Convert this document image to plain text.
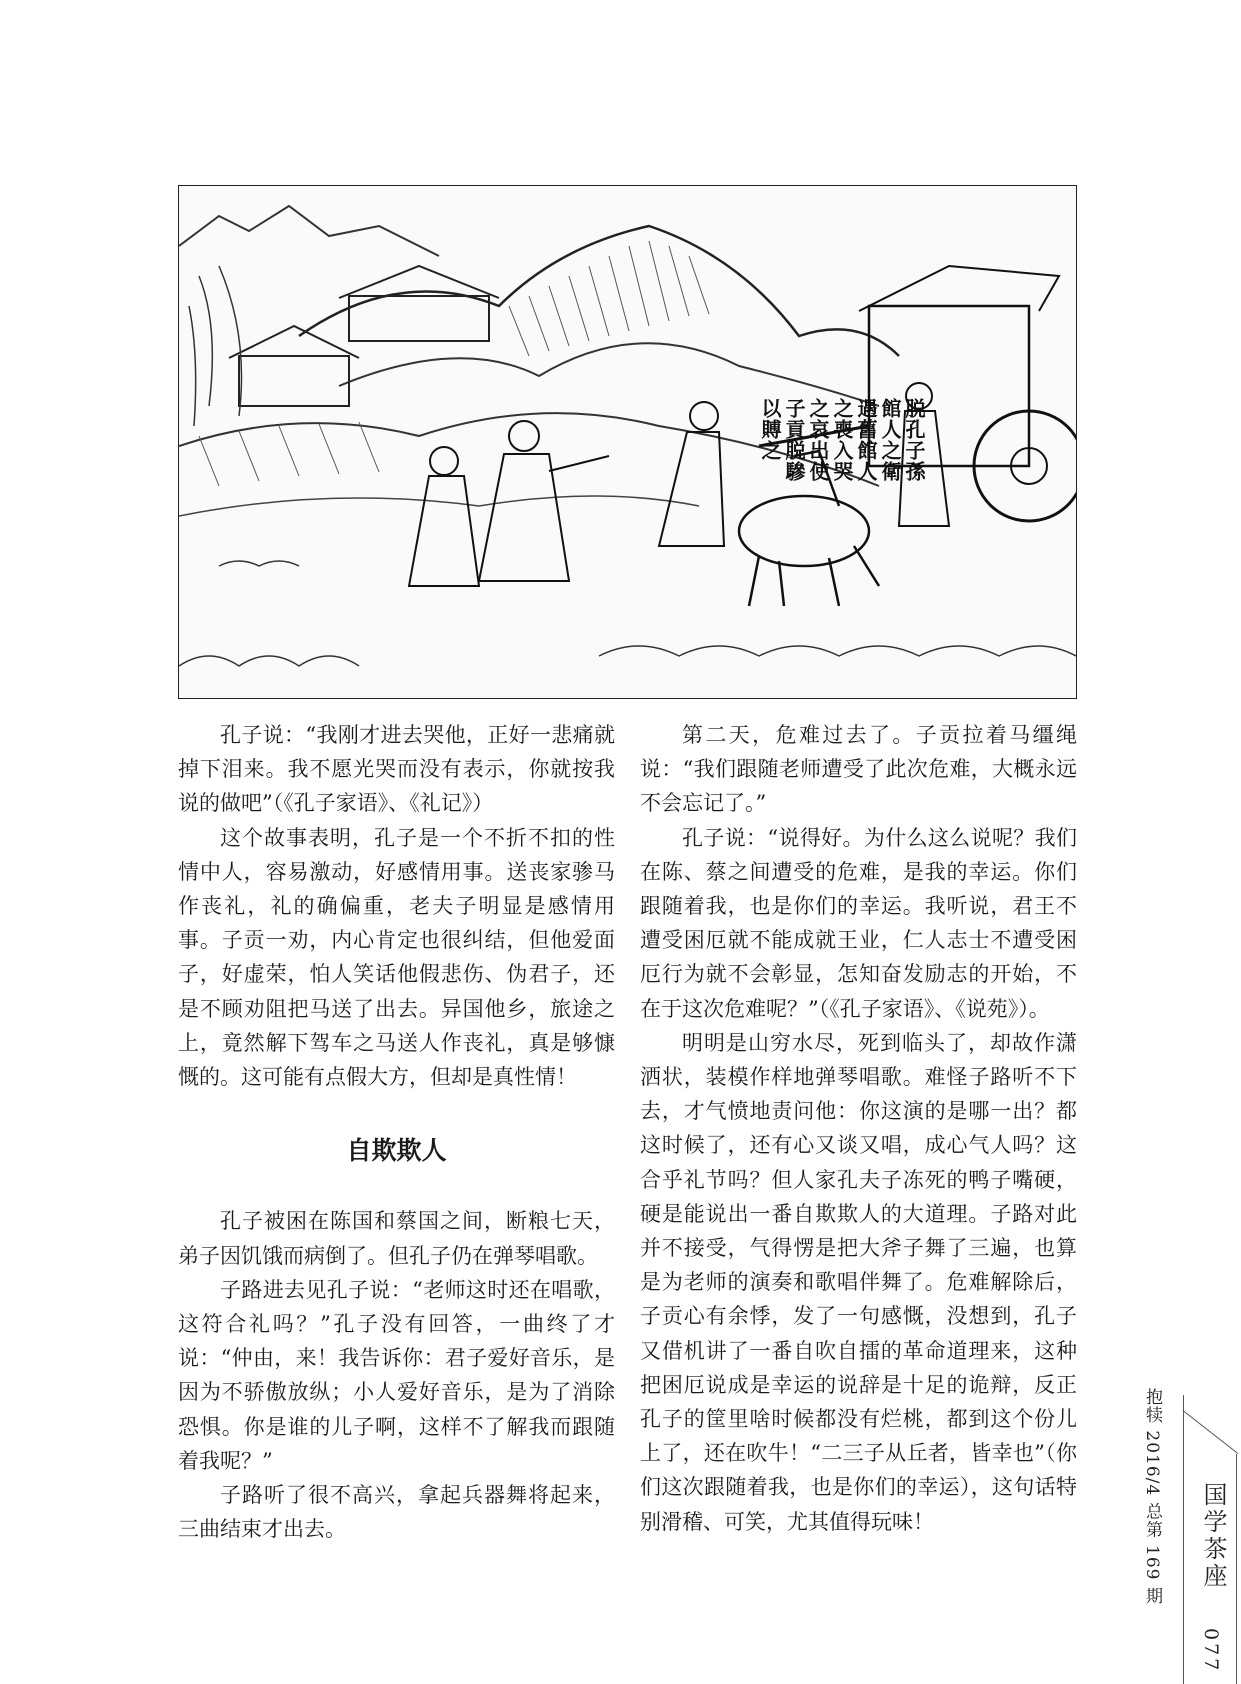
脱孔子孫館人之衛遇舊館人之喪入哭之哀出使子貢脱驂以賻之

孔子说：“我刚才进去哭他，正好一悲痛就掉下泪来。我不愿光哭而没有表示，你就按我说的做吧”（《孔子家语》、《礼记》）

这个故事表明，孔子是一个不折不扣的性情中人，容易激动，好感情用事。送丧家骖马作丧礼，礼的确偏重，老夫子明显是感情用事。子贡一劝，内心肯定也很纠结，但他爱面子，好虚荣，怕人笑话他假悲伤、伪君子，还是不顾劝阻把马送了出去。异国他乡，旅途之上，竟然解下驾车之马送人作丧礼，真是够慷慨的。这可能有点假大方，但却是真性情！

自欺欺人

孔子被困在陈国和蔡国之间，断粮七天，弟子因饥饿而病倒了。但孔子仍在弹琴唱歌。

子路进去见孔子说：“老师这时还在唱歌，这符合礼吗？”孔子没有回答，一曲终了才说：“仲由，来！我告诉你：君子爱好音乐，是因为不骄傲放纵；小人爱好音乐，是为了消除恐惧。你是谁的儿子啊，这样不了解我而跟随着我呢？”

子路听了很不高兴，拿起兵器舞将起来，三曲结束才出去。

第二天，危难过去了。子贡拉着马缰绳说：“我们跟随老师遭受了此次危难，大概永远不会忘记了。”

孔子说：“说得好。为什么这么说呢？我们在陈、蔡之间遭受的危难，是我的幸运。你们跟随着我，也是你们的幸运。我听说，君王不遭受困厄就不能成就王业，仁人志士不遭受困厄行为就不会彰显，怎知奋发励志的开始，不在于这次危难呢？”（《孔子家语》、《说苑》）。

明明是山穷水尽，死到临头了，却故作潇洒状，装模作样地弹琴唱歌。难怪子路听不下去，才气愤地责问他：你这演的是哪一出？都这时候了，还有心又谈又唱，成心气人吗？这合乎礼节吗？但人家孔夫子冻死的鸭子嘴硬，硬是能说出一番自欺欺人的大道理。子路对此并不接受，气得愣是把大斧子舞了三遍，也算是为老师的演奏和歌唱伴舞了。危难解除后，子贡心有余悸，发了一句感慨，没想到，孔子又借机讲了一番自吹自擂的革命道理来，这种把困厄说成是幸运的说辞是十足的诡辩，反正孔子的筐里啥时候都没有烂桃，都到这个份儿上了，还在吹牛！“二三子从丘者，皆幸也”（你们这次跟随着我，也是你们的幸运），这句话特别滑稽、可笑，尤其值得玩味！	抱犊 2016/4 总第 169 期 国学茶座
077
